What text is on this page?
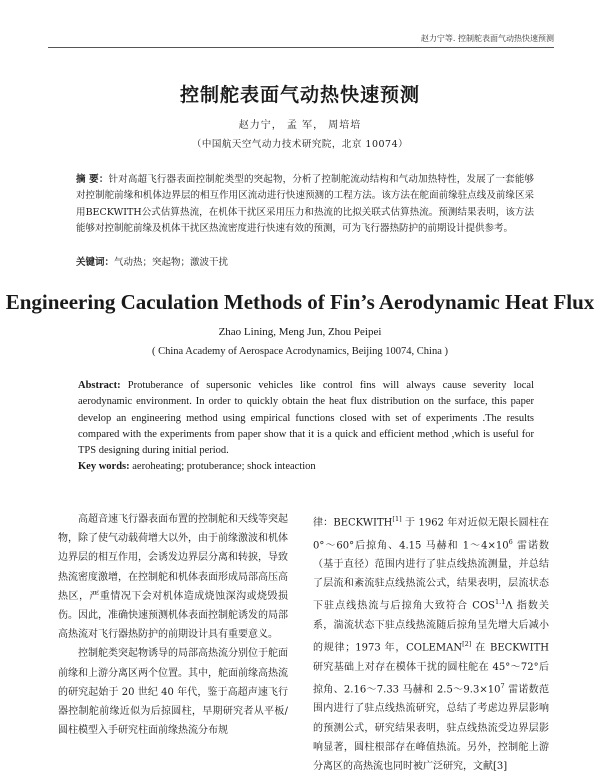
赵力宁等. 控制舵表面气动热快速预测
控制舵表面气动热快速预测
赵力宁， 孟 军， 周培培
（中国航天空气动力技术研究院，北京 10074）
摘 要：针对高超飞行器表面控制舵类型的突起物，分析了控制舵流动结构和气动加热特性，发展了一套能够对控制舵前缘和机体边界层的相互作用区流动进行快速预测的工程方法。该方法在舵面前缘驻点线及前缘区采用BECKWITH公式估算热流，在机体干扰区采用压力和热流的比拟关联式估算热流。预测结果表明，该方法能够对控制舵前缘及机体干扰区热流密度进行快速有效的预测，可为飞行器热防护的前期设计提供参考。
关键词：气动热；突起物；激波干扰
Engineering Caculation Methods of Fin’s Aerodynamic Heat Flux
Zhao Lining, Meng Jun, Zhou Peipei
( China Academy of Aerospace Acrodynamics, Beijing 10074, China )
Abstract: Protuberance of supersonic vehicles like control fins will always cause severity local aerodynamic environment. In order to quickly obtain the heat flux distribution on the surface, this paper develop an engineering method using empirical functions closed with set of experiments .The results compared with the experiments from paper show that it is a quick and efficient method ,which is useful for TPS designing during initial period.
Key words: aeroheating; protuberance; shock inteaction

高超音速飞行器表面布置的控制舵和天线等突起物，除了使气动载荷增大以外，由于前缘激波和机体边界层的相互作用，会诱发边界层分离和转捩，导致热流密度激增，在控制舵和机体表面形成局部高压高热区，严重情况下会对机体造成烧蚀深沟或烧毁损伤。因此，准确快速预测机体表面控制舵诱发的局部高热流对飞行器热防护的前期设计具有重要意义。

控制舵类突起物诱导的局部高热流分别位于舵面前缘和上游分离区两个位置。其中，舵面前缘高热流的研究起始于 20 世纪 40 年代，鉴于高超声速飞行器控制舵前缘近似为后掠圆柱，早期研究者从平板/圆柱模型入手研究柱面前缘热流分布规

律：BECKWITH[1] 于 1962 年对近似无限长圆柱在 0°～60°后掠角、4.15 马赫和 $1\sim 4\times 10^6$ 雷诺数（基于直径）范围内进行了驻点线热流测量，并总结了层流和紊流驻点线热流公式，结果表明，层流状态下驻点线热流与后掠角大致符合 $COS^{1.1}\Lambda$ 指数关系，湍流状态下驻点线热流随后掠角呈先增大后减小的规律；1973 年，COLEMAN[2] 在 BECKWITH 研究基础上对存在模体干扰的圆柱舵在 45°～72°后掠角、2.16～7.33 马赫和 $2.5\sim 9.3\times 10^7$ 雷诺数范围内进行了驻点线热流研究，总结了考虑边界层影响的预测公式，研究结果表明，驻点线热流受边界层影响显著，圆柱根部存在峰值热流。另外，控制舵上游分离区的高热流也同时被广泛研究，文献[3]
